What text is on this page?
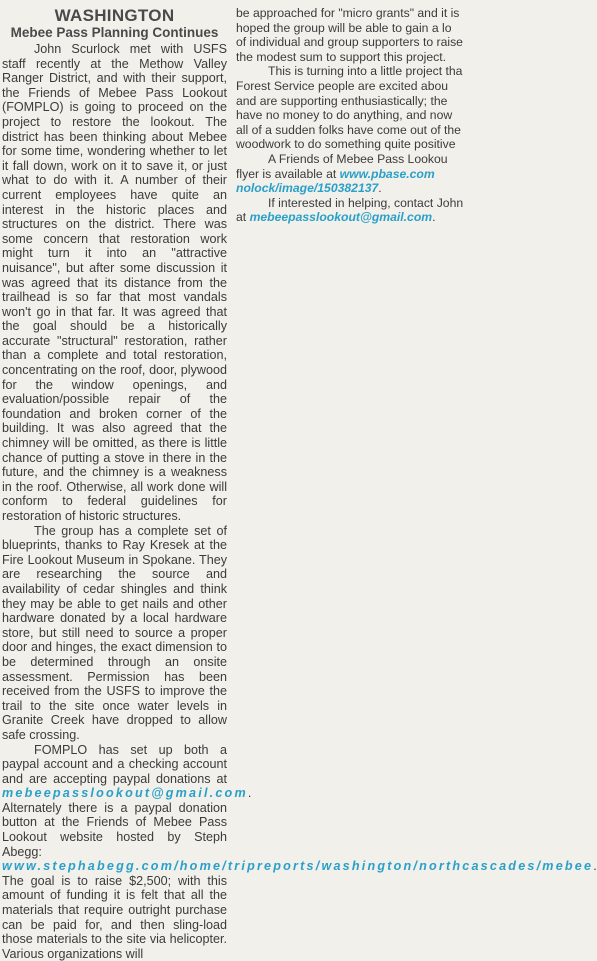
WASHINGTON
Mebee Pass Planning Continues

John Scurlock met with USFS staff recently at the Methow Valley Ranger District, and with their support, the Friends of Mebee Pass Lookout (FOMPLO) is going to proceed on the project to restore the lookout. The district has been thinking about Mebee for some time, wondering whether to let it fall down, work on it to save it, or just what to do with it. A number of their current employees have quite an interest in the historic places and structures on the district. There was some concern that restoration work might turn it into an "attractive nuisance", but after some discussion it was agreed that its distance from the trailhead is so far that most vandals won't go in that far. It was agreed that the goal should be a historically accurate "structural" restoration, rather than a complete and total restoration, concentrating on the roof, door, plywood for the window openings, and evaluation/possible repair of the foundation and broken corner of the building. It was also agreed that the chimney will be omitted, as there is little chance of putting a stove in there in the future, and the chimney is a weakness in the roof. Otherwise, all work done will conform to federal guidelines for restoration of historic structures.

The group has a complete set of blueprints, thanks to Ray Kresek at the Fire Lookout Museum in Spokane. They are researching the source and availability of cedar shingles and think they may be able to get nails and other hardware donated by a local hardware store, but still need to source a proper door and hinges, the exact dimension to be determined through an onsite assessment. Permission has been received from the USFS to improve the trail to the site once water levels in Granite Creek have dropped to allow safe crossing.

FOMPLO has set up both a paypal account and a checking account and are accepting paypal donations at mebeepasslookout@gmail.com. Alternately there is a paypal donation button at the Friends of Mebee Pass Lookout website hosted by Steph Abegg: www.stephabegg.com/home/tripreports/washington/northcascades/mebee. The goal is to raise $2,500; with this amount of funding it is felt that all the materials that require outright purchase can be paid for, and then sling-load those materials to the site via helicopter. Various organizations will

be approached for "micro grants" and it is

hoped the group will be able to gain a lo

of individual and group supporters to raise

the modest sum to support this project.

This is turning into a little project tha

Forest Service people are excited abou

and are supporting enthusiastically; the

have no money to do anything, and now

all of a sudden folks have come out of the

woodwork to do something quite positive

A Friends of Mebee Pass Lookou

flyer is available at www.pbase.com

nolock/image/150382137.

If interested in helping, contact John

at mebeepasslookout@gmail.com.
